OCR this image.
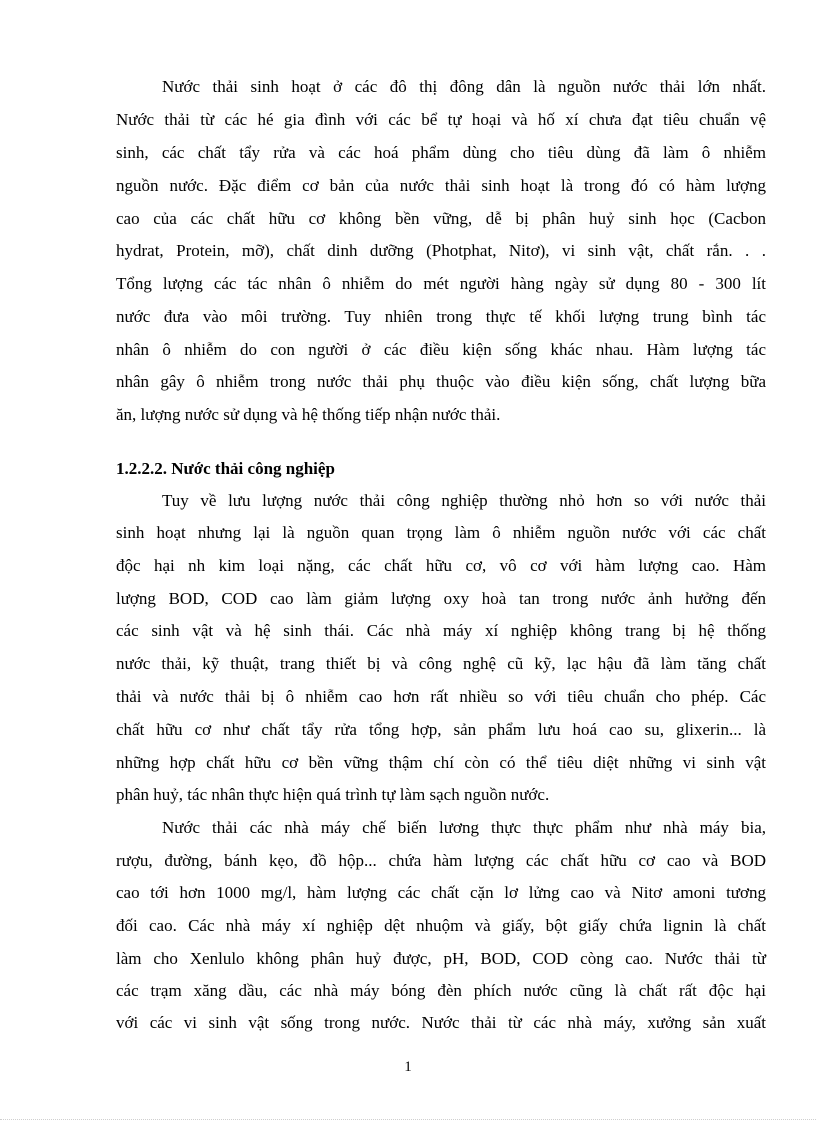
Nước thải sinh hoạt ở các đô thị đông dân là nguồn nước thải lớn nhất.
Nước thải từ các hé gia đình với các bể tự hoại và hố xí chưa đạt tiêu chuẩn vệ
sinh, các chất tẩy rửa và các hoá phẩm dùng cho tiêu dùng đã làm ô nhiễm
nguồn nước. Đặc điểm cơ bản của nước thải sinh hoạt là trong đó có hàm lượng
cao của các chất hữu cơ không bền vững, dễ bị phân huỷ sinh học (Cacbon
hydrat, Protein, mỡ), chất dinh dưỡng (Photphat, Nitơ), vi sinh vật, chất rắn. . .
Tổng lượng các tác nhân ô nhiễm do mét người hàng ngày sử dụng 80 - 300 lít
nước đưa vào môi trường. Tuy nhiên trong thực tế khối lượng trung bình tác
nhân ô nhiễm do con người ở các điều kiện sống khác nhau. Hàm lượng tác
nhân gây ô nhiễm trong nước thải phụ thuộc vào điều kiện sống, chất lượng bữa
ăn, lượng nước sử dụng và hệ thống tiếp nhận nước thải.
1.2.2.2. Nước thải công nghiệp
Tuy về lưu lượng nước thải công nghiệp thường nhỏ hơn so với nước thải
sinh hoạt nhưng lại là nguồn quan trọng làm ô nhiễm nguồn nước với các chất
độc hại nh kim loại nặng, các chất hữu cơ, vô cơ với hàm lượng cao. Hàm
lượng BOD, COD cao làm giảm lượng oxy hoà tan trong nước ảnh hưởng đến
các sinh vật và hệ sinh thái. Các nhà máy xí nghiệp không trang bị hệ thống
nước thải, kỹ thuật, trang thiết bị và công nghệ cũ kỹ, lạc hậu đã làm tăng chất
thải và nước thải bị ô nhiễm cao hơn rất nhiều so với tiêu chuẩn cho phép. Các
chất hữu cơ như chất tẩy rửa tổng hợp, sản phẩm lưu hoá cao su, glixerin... là
những hợp chất hữu cơ bền vững thậm chí còn có thể tiêu diệt những vi sinh vật
phân huỷ, tác nhân thực hiện quá trình tự làm sạch nguồn nước.
Nước thải các nhà máy chế biến lương thực thực phẩm như nhà máy bia,
rượu, đường, bánh kẹo, đồ hộp... chứa hàm lượng các chất hữu cơ cao và BOD
cao tới hơn 1000 mg/l, hàm lượng các chất cặn lơ lửng cao và Nitơ amoni tương
đối cao. Các nhà máy xí nghiệp dệt nhuộm và giấy, bột giấy chứa lignin là chất
làm cho Xenlulo không phân huỷ được, pH, BOD, COD còng cao. Nước thải từ
các trạm xăng dầu, các nhà máy bóng đèn phích nước cũng là chất rất độc hại
với các vi sinh vật sống trong nước. Nước thải từ các nhà máy, xưởng sản xuất
1
